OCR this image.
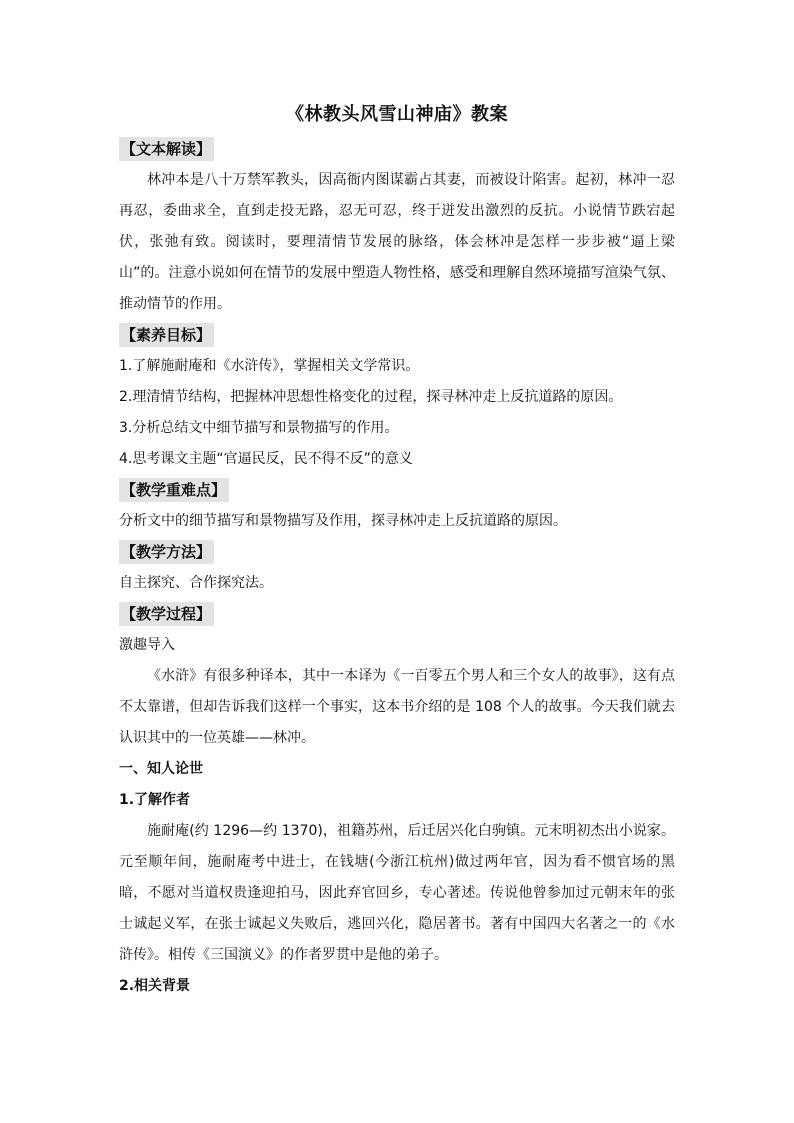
《林教头风雪山神庙》教案
【文本解读】

林冲本是八十万禁军教头，因高衙内图谋霸占其妻，而被设计陷害。起初，林冲一忍再忍，委曲求全，直到走投无路，忍无可忍，终于迸发出激烈的反抗。小说情节跌宕起伏，张弛有致。阅读时，要理清情节发展的脉络，体会林冲是怎样一步步被“逼上梁山”的。注意小说如何在情节的发展中塑造人物性格，感受和理解自然环境描写渲染气氛、推动情节的作用。

【素养目标】

1.了解施耐庵和《水浒传》，掌握相关文学常识。

2.理清情节结构，把握林冲思想性格变化的过程，探寻林冲走上反抗道路的原因。

3.分析总结文中细节描写和景物描写的作用。

4.思考课文主题“官逼民反，民不得不反”的意义

【教学重难点】

分析文中的细节描写和景物描写及作用，探寻林冲走上反抗道路的原因。

【教学方法】

自主探究、合作探究法。

【教学过程】

激趣导入

《水浒》有很多种译本，其中一本译为《一百零五个男人和三个女人的故事》，这有点不太靠谱，但却告诉我们这样一个事实，这本书介绍的是 108 个人的故事。今天我们就去认识其中的一位英雄——林冲。

一、知人论世

1.了解作者

施耐庵(约 1296—约 1370)，祖籍苏州，后迁居兴化白驹镇。元末明初杰出小说家。元至顺年间，施耐庵考中进士，在钱塘(今浙江杭州)做过两年官，因为看不惯官场的黑暗，不愿对当道权贵逢迎拍马，因此弃官回乡，专心著述。传说他曾参加过元朝末年的张士诚起义军，在张士诚起义失败后，逃回兴化，隐居著书。著有中国四大名著之一的《水浒传》。相传《三国演义》的作者罗贯中是他的弟子。

2.相关背景
